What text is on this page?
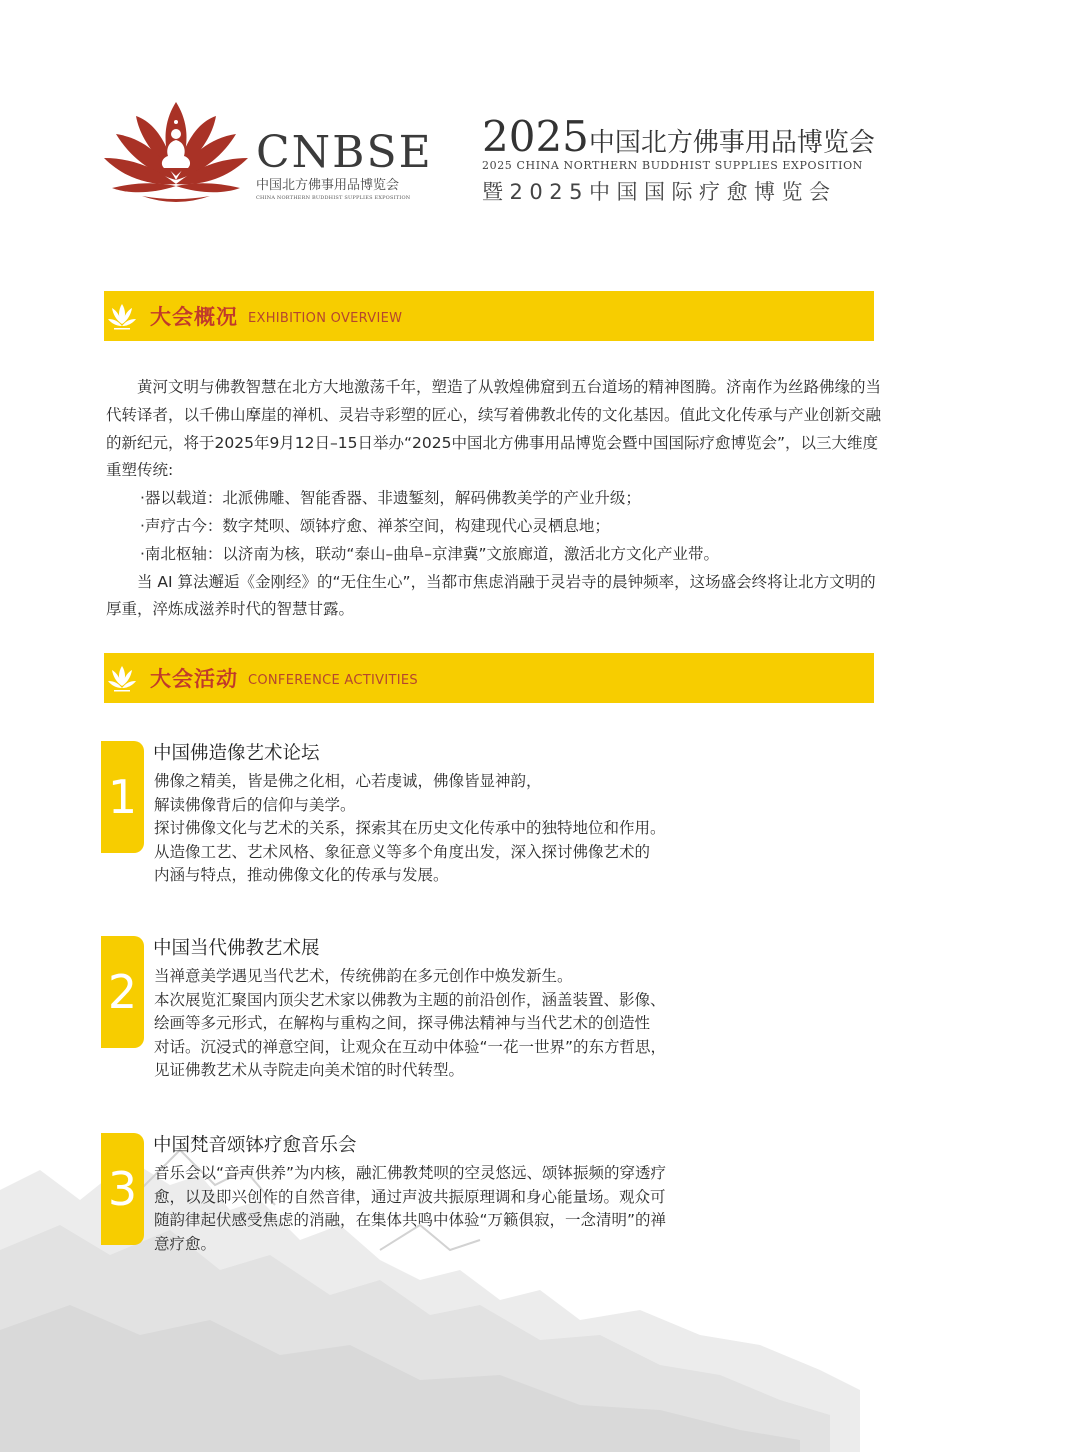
CNBSE
中国北方佛事用品博览会
CHINA NORTHERN BUDDHIST SUPPLIES EXPOSITION
2025中国北方佛事用品博览会
2025 CHINA NORTHERN BUDDHIST SUPPLIES EXPOSITION
暨2025中国国际疗愈博览会
大会概况 EXHIBITION OVERVIEW

黄河文明与佛教智慧在北方大地激荡千年，塑造了从敦煌佛窟到五台道场的精神图腾。济南作为丝路佛缘的当代转译者，以千佛山摩崖的禅机、灵岩寺彩塑的匠心，续写着佛教北传的文化基因。值此文化传承与产业创新交融的新纪元，将于2025年9月12日–15日举办“2025中国北方佛事用品博览会暨中国国际疗愈博览会”，以三大维度重塑传统:

·器以载道：北派佛雕、智能香器、非遗錾刻，解码佛教美学的产业升级；

·声疗古今：数字梵呗、颂钵疗愈、禅茶空间，构建现代心灵栖息地；

·南北枢轴：以济南为核，联动“泰山–曲阜–京津冀”文旅廊道，激活北方文化产业带。

当 AI 算法邂逅《金刚经》的“无住生心”，当都市焦虑消融于灵岩寺的晨钟频率，这场盛会终将让北方文明的厚重，淬炼成滋养时代的智慧甘露。

大会活动 CONFERENCE ACTIVITIES
1
中国佛造像艺术论坛

佛像之精美，皆是佛之化相，心若虔诚，佛像皆显神韵，

解读佛像背后的信仰与美学。

探讨佛像文化与艺术的关系，探索其在历史文化传承中的独特地位和作用。

从造像工艺、艺术风格、象征意义等多个角度出发，深入探讨佛像艺术的

内涵与特点，推动佛像文化的传承与发展。

2
中国当代佛教艺术展

当禅意美学遇见当代艺术，传统佛韵在多元创作中焕发新生。

本次展览汇聚国内顶尖艺术家以佛教为主题的前沿创作，涵盖装置、影像、

绘画等多元形式，在解构与重构之间，探寻佛法精神与当代艺术的创造性

对话。沉浸式的禅意空间，让观众在互动中体验“一花一世界”的东方哲思，

见证佛教艺术从寺院走向美术馆的时代转型。

3
中国梵音颂钵疗愈音乐会

音乐会以“音声供养”为内核，融汇佛教梵呗的空灵悠远、颂钵振频的穿透疗

愈，以及即兴创作的自然音律，通过声波共振原理调和身心能量场。观众可

随韵律起伏感受焦虑的消融，在集体共鸣中体验“万籁俱寂，一念清明”的禅

意疗愈。
